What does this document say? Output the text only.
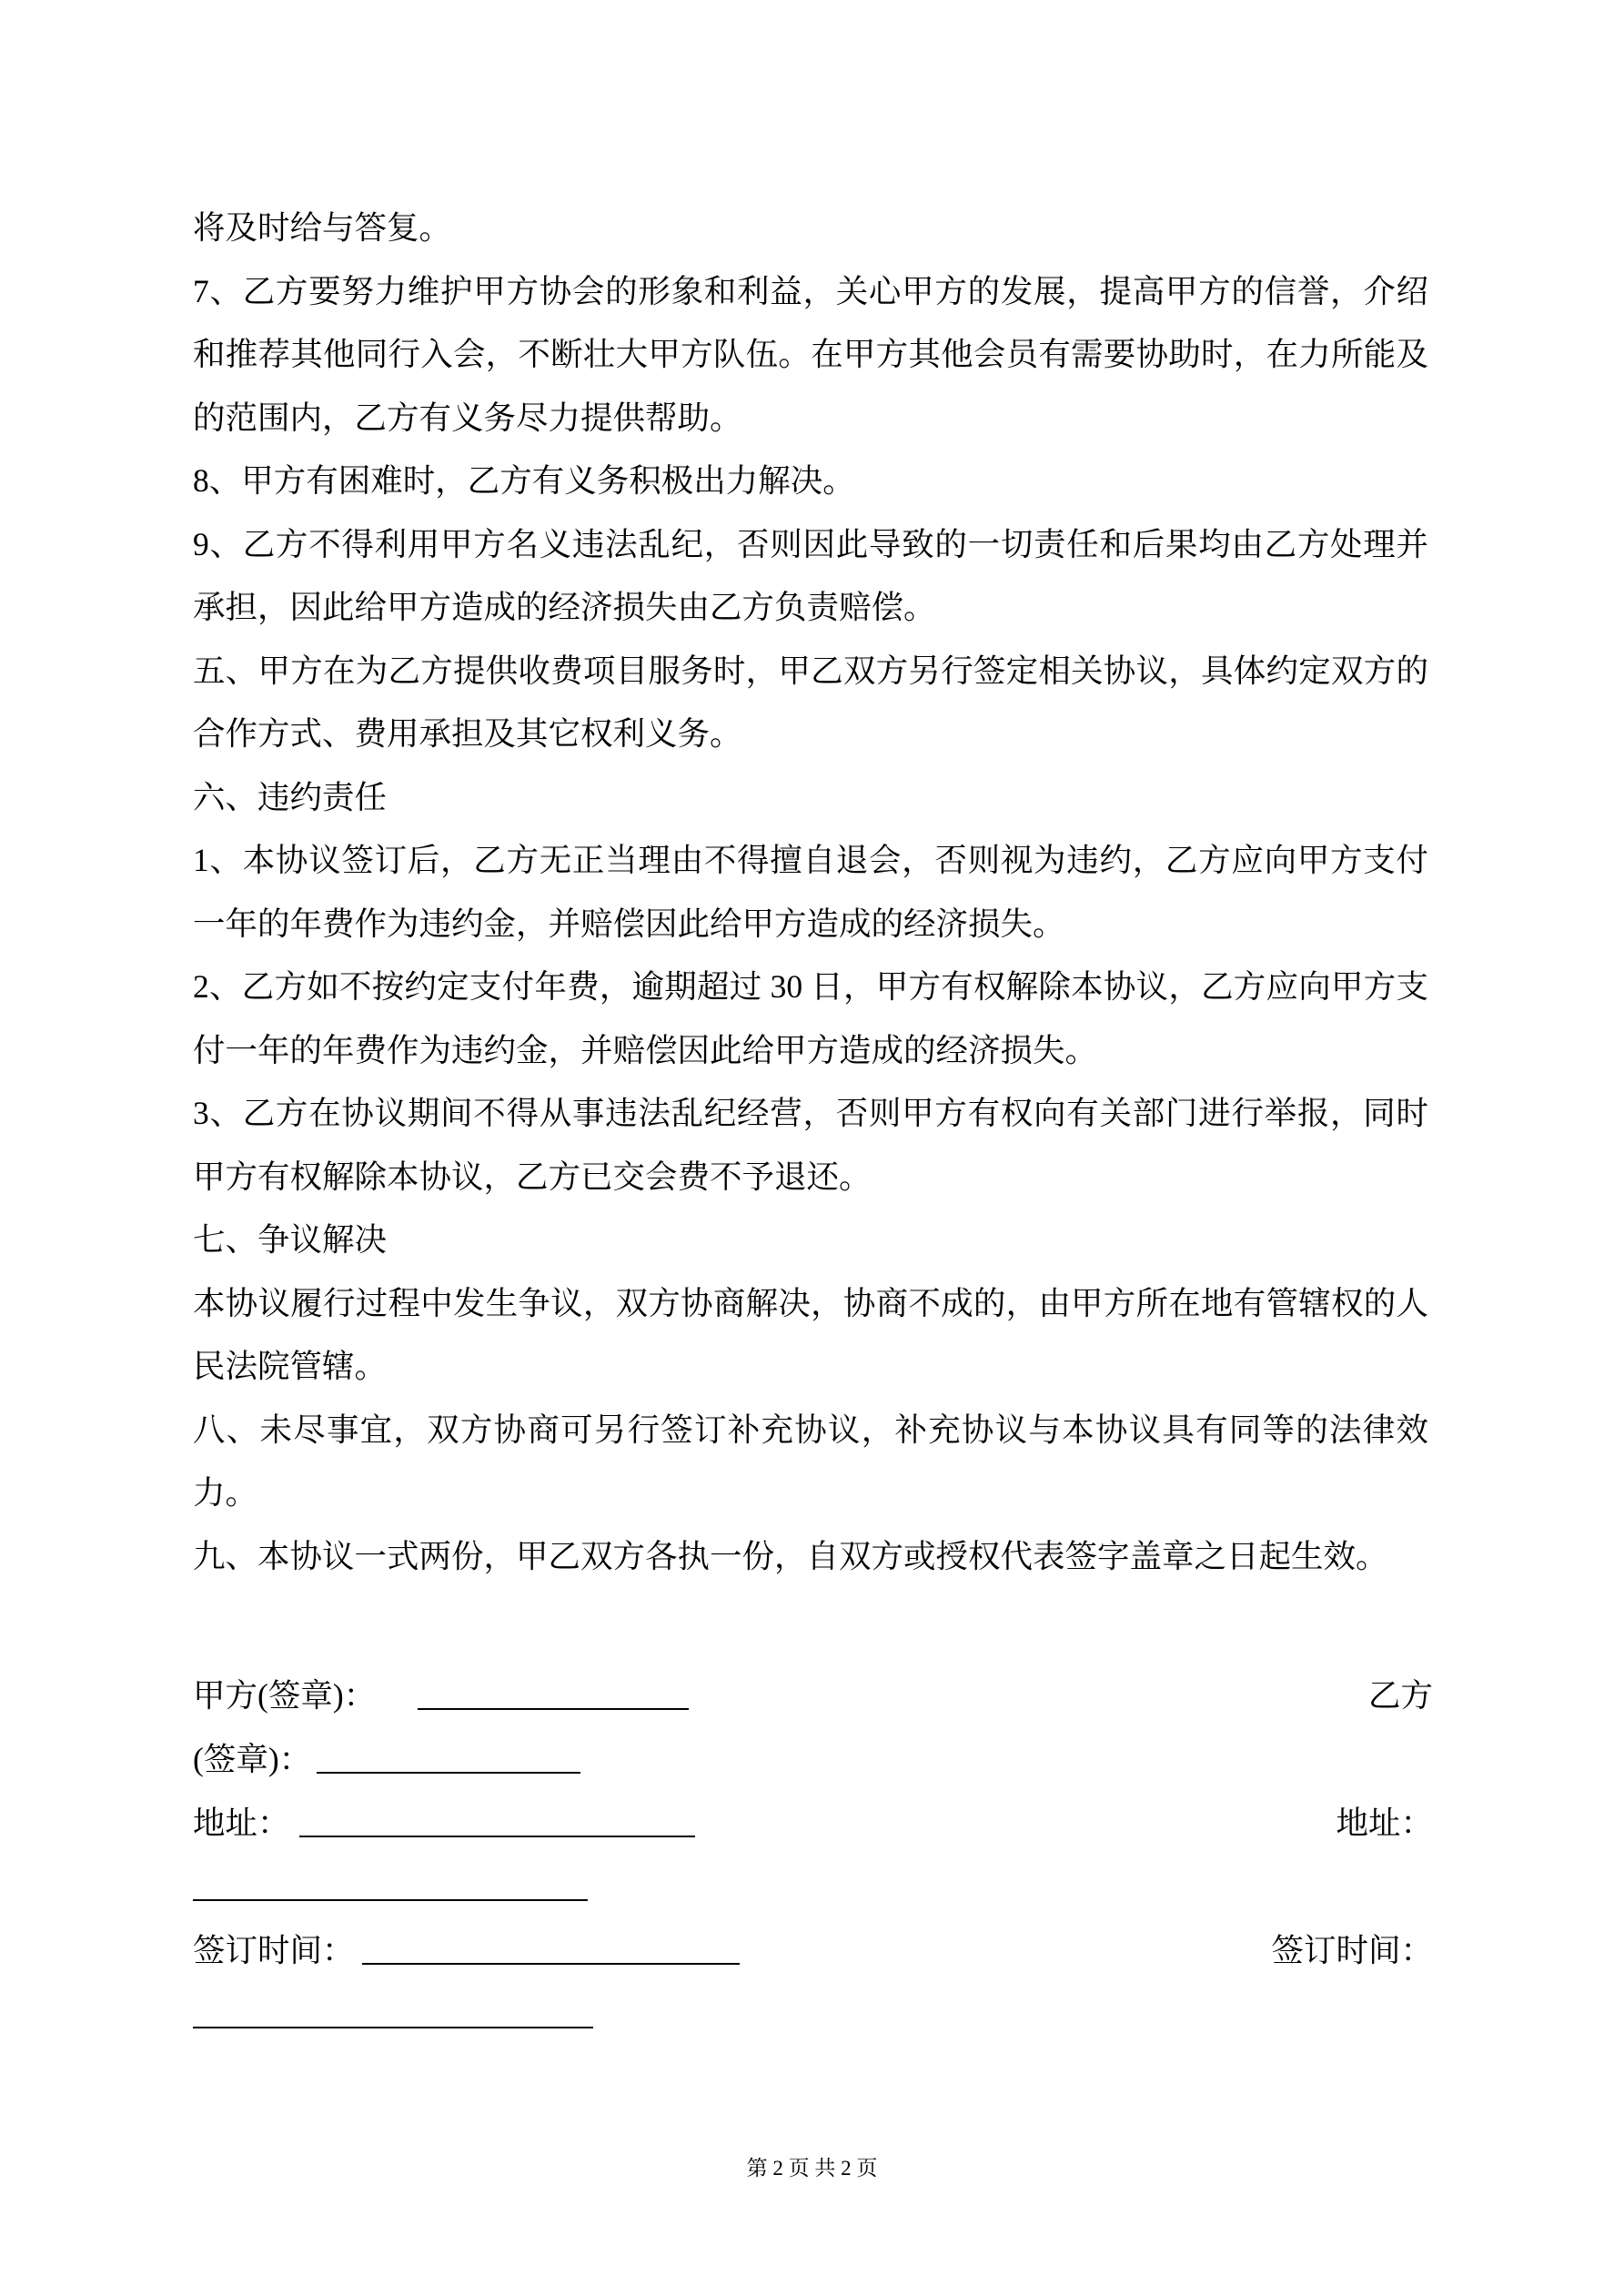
将及时给与答复。

7、乙方要努力维护甲方协会的形象和利益，关心甲方的发展，提高甲方的信誉，介绍和推荐其他同行入会，不断壮大甲方队伍。在甲方其他会员有需要协助时，在力所能及的范围内，乙方有义务尽力提供帮助。

8、甲方有困难时，乙方有义务积极出力解决。

9、乙方不得利用甲方名义违法乱纪，否则因此导致的一切责任和后果均由乙方处理并承担，因此给甲方造成的经济损失由乙方负责赔偿。

五、甲方在为乙方提供收费项目服务时，甲乙双方另行签定相关协议，具体约定双方的合作方式、费用承担及其它权利义务。

六、违约责任

1、本协议签订后，乙方无正当理由不得擅自退会，否则视为违约，乙方应向甲方支付一年的年费作为违约金，并赔偿因此给甲方造成的经济损失。

2、乙方如不按约定支付年费，逾期超过 30 日，甲方有权解除本协议，乙方应向甲方支付一年的年费作为违约金，并赔偿因此给甲方造成的经济损失。

3、乙方在协议期间不得从事违法乱纪经营，否则甲方有权向有关部门进行举报，同时甲方有权解除本协议，乙方已交会费不予退还。

七、争议解决

本协议履行过程中发生争议，双方协商解决，协商不成的，由甲方所在地有管辖权的人民法院管辖。

八、未尽事宜，双方协商可另行签订补充协议，补充协议与本协议具有同等的法律效力。

九、本协议一式两份，甲乙双方各执一份，自双方或授权代表签字盖章之日起生效。

甲方(签章)：	乙方
(签章)：
地址：	地址：
签订时间：	签订时间：
第 2 页 共 2 页
